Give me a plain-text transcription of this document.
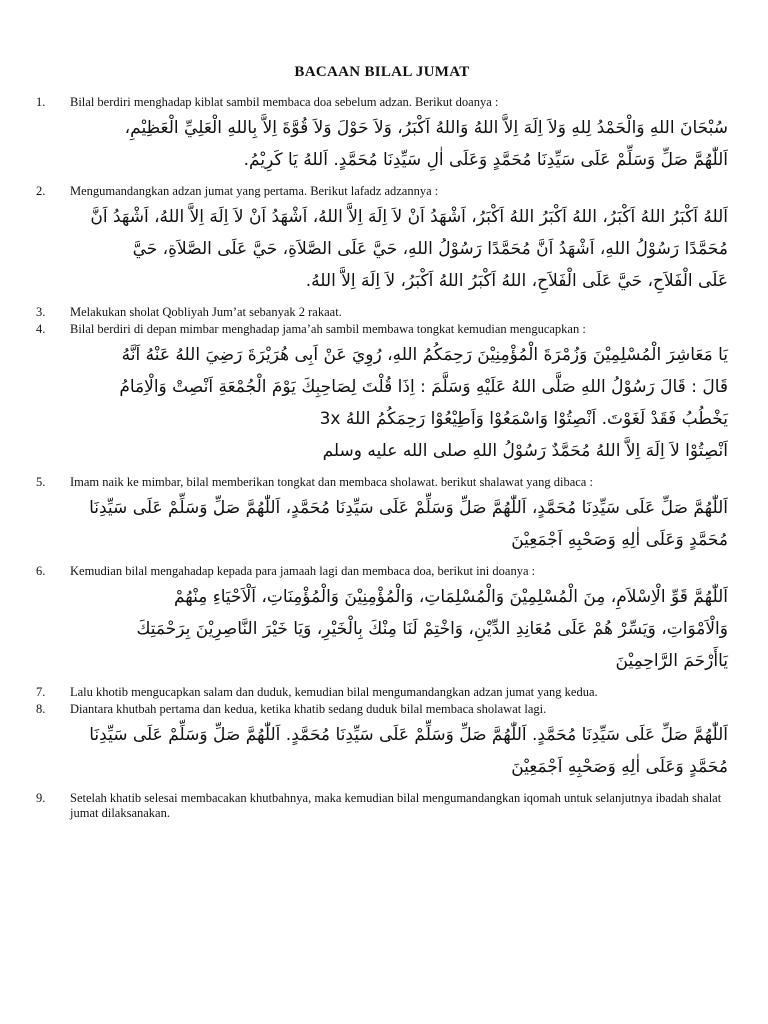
BACAAN BILAL JUMAT
1. Bilal berdiri menghadap kiblat sambil membaca doa sebelum adzan. Berikut doanya :

سُبْحَانَ اللهِ وَالْحَمْدُ لِلهِ وَلاَ اِلَهَ اِلاَّ اللهُ وَاللهُ اَكْبَرُ، وَلاَ حَوْلَ وَلاَ قُوَّةَ اِلاَّ بِاللهِ الْعَلِيِّ الْعَظِيْمِ،

اَللّٰهُمَّ صَلِّ وَسَلِّمْ عَلَى سَيِّدِنَا مُحَمَّدٍ وَعَلَى اٰلِ سَيِّدِنَا مُحَمَّدٍ. اَللهُ يَا كَرِيْمُ.

2. Mengumandangkan adzan jumat yang pertama. Berikut lafadz adzannya :

اَللهُ اَكْبَرُ اللهُ اَكْبَرُ، اللهُ اَكْبَرُ اللهُ اَكْبَرُ، اَشْهَدُ اَنْ لاَ اِلَهَ اِلاَّ اللهُ، اَشْهَدُ اَنْ لاَ اِلَهَ اِلاَّ اللهُ، اَشْهَدُ اَنَّ

مُحَمَّدًا رَسُوْلُ اللهِ، اَشْهَدُ اَنَّ مُحَمَّدًا رَسُوْلُ اللهِ، حَيَّ عَلَى الصَّلاَةِ، حَيَّ عَلَى الصَّلاَةِ، حَيَّ

عَلَى الْفَلاَحِ، حَيَّ عَلَى الْفَلاَحِ، اللهُ اَكْبَرُ اللهُ اَكْبَرُ، لاَ اِلَهَ اِلاَّ اللهُ.

3. Melakukan sholat Qobliyah Jum’at sebanyak 2 rakaat.
4. Bilal berdiri di depan mimbar menghadap jama’ah sambil membawa tongkat kemudian mengucapkan :

يَا مَعَاشِرَ الْمُسْلِمِيْنَ وَزُمْرَةَ الْمُؤْمِنِيْنَ رَحِمَكُمُ اللهِ، رُوِيَ عَنْ اَبِى هُرَيْرَةَ رَضِيَ اللهُ عَنْهُ اَنَّهُ

قَالَ : قَالَ رَسُوْلُ اللهِ صَلَّى اللهُ عَلَيْهِ وَسَلَّمَ : اِذَا قُلْتَ لِصَاحِبِكَ يَوْمَ الْجُمْعَةِ اَنْصِتْ وَالْاِمَامُ

يَخْطُبُ فَقَدْ لَغَوْتَ. اَنْصِتُوْا وَاسْمَعُوْا وَاَطِيْعُوْا رَحِمَكُمُ اللهُ 3x

اَنْصِتُوْا لاَ اِلَهَ اِلاَّ اللهُ مُحَمَّدٌ رَسُوْلُ اللهِ صلى الله عليه وسلم

5. Imam naik ke mimbar, bilal memberikan tongkat dan membaca sholawat. berikut shalawat yang dibaca :

اَللّٰهُمَّ صَلِّ عَلَى سَيِّدِنَا مُحَمَّدٍ، اَللّٰهُمَّ صَلِّ وَسَلِّمْ عَلَى سَيِّدِنَا مُحَمَّدٍ، اَللّٰهُمَّ صَلِّ وَسَلِّمْ عَلَى سَيِّدِنَا

مُحَمَّدٍ وَعَلَى اٰلِهِ وَصَحْبِهِ اَجْمَعِيْنَ

6. Kemudian bilal mengahadap kepada para jamaah lagi dan membaca doa, berikut ini doanya :

اَللّٰهُمَّ قَوِّ الْاِسْلاَمِ، مِنَ الْمُسْلِمِيْنَ وَالْمُسْلِمَاتِ، وَالْمُؤْمِنِيْنَ وَالْمُؤْمِنَاتِ، اَلْاَحْيَاءِ مِنْهُمْ

وَالْاَمْوَاتِ، وَيَسِّرْ هُمْ عَلَى مُعَانِدِ الدِّيْنِ، وَاخْتِمْ لَنَا مِنْكَ بِالْخَيْرِ، وَيَا خَيْرَ النَّاصِرِيْنَ بِرَحْمَتِكَ

يَاأَرْحَمَ الرَّاحِمِيْنَ

7. Lalu khotib mengucapkan salam dan duduk, kemudian bilal mengumandangkan adzan jumat yang kedua.
8. Diantara khutbah pertama dan kedua, ketika khatib sedang duduk bilal membaca sholawat lagi.

اَللّٰهُمَّ صَلِّ عَلَى سَيِّدِنَا مُحَمَّدٍ. اَللّٰهُمَّ صَلِّ وَسَلِّمْ عَلَى سَيِّدِنَا مُحَمَّدٍ. اَللّٰهُمَّ صَلِّ وَسَلِّمْ عَلَى سَيِّدِنَا

مُحَمَّدٍ وَعَلَى اٰلِهِ وَصَحْبِهِ اَجْمَعِيْنَ

9. Setelah khatib selesai membacakan khutbahnya, maka kemudian bilal mengumandangkan iqomah untuk selanjutnya ibadah shalat jumat dilaksanakan.
